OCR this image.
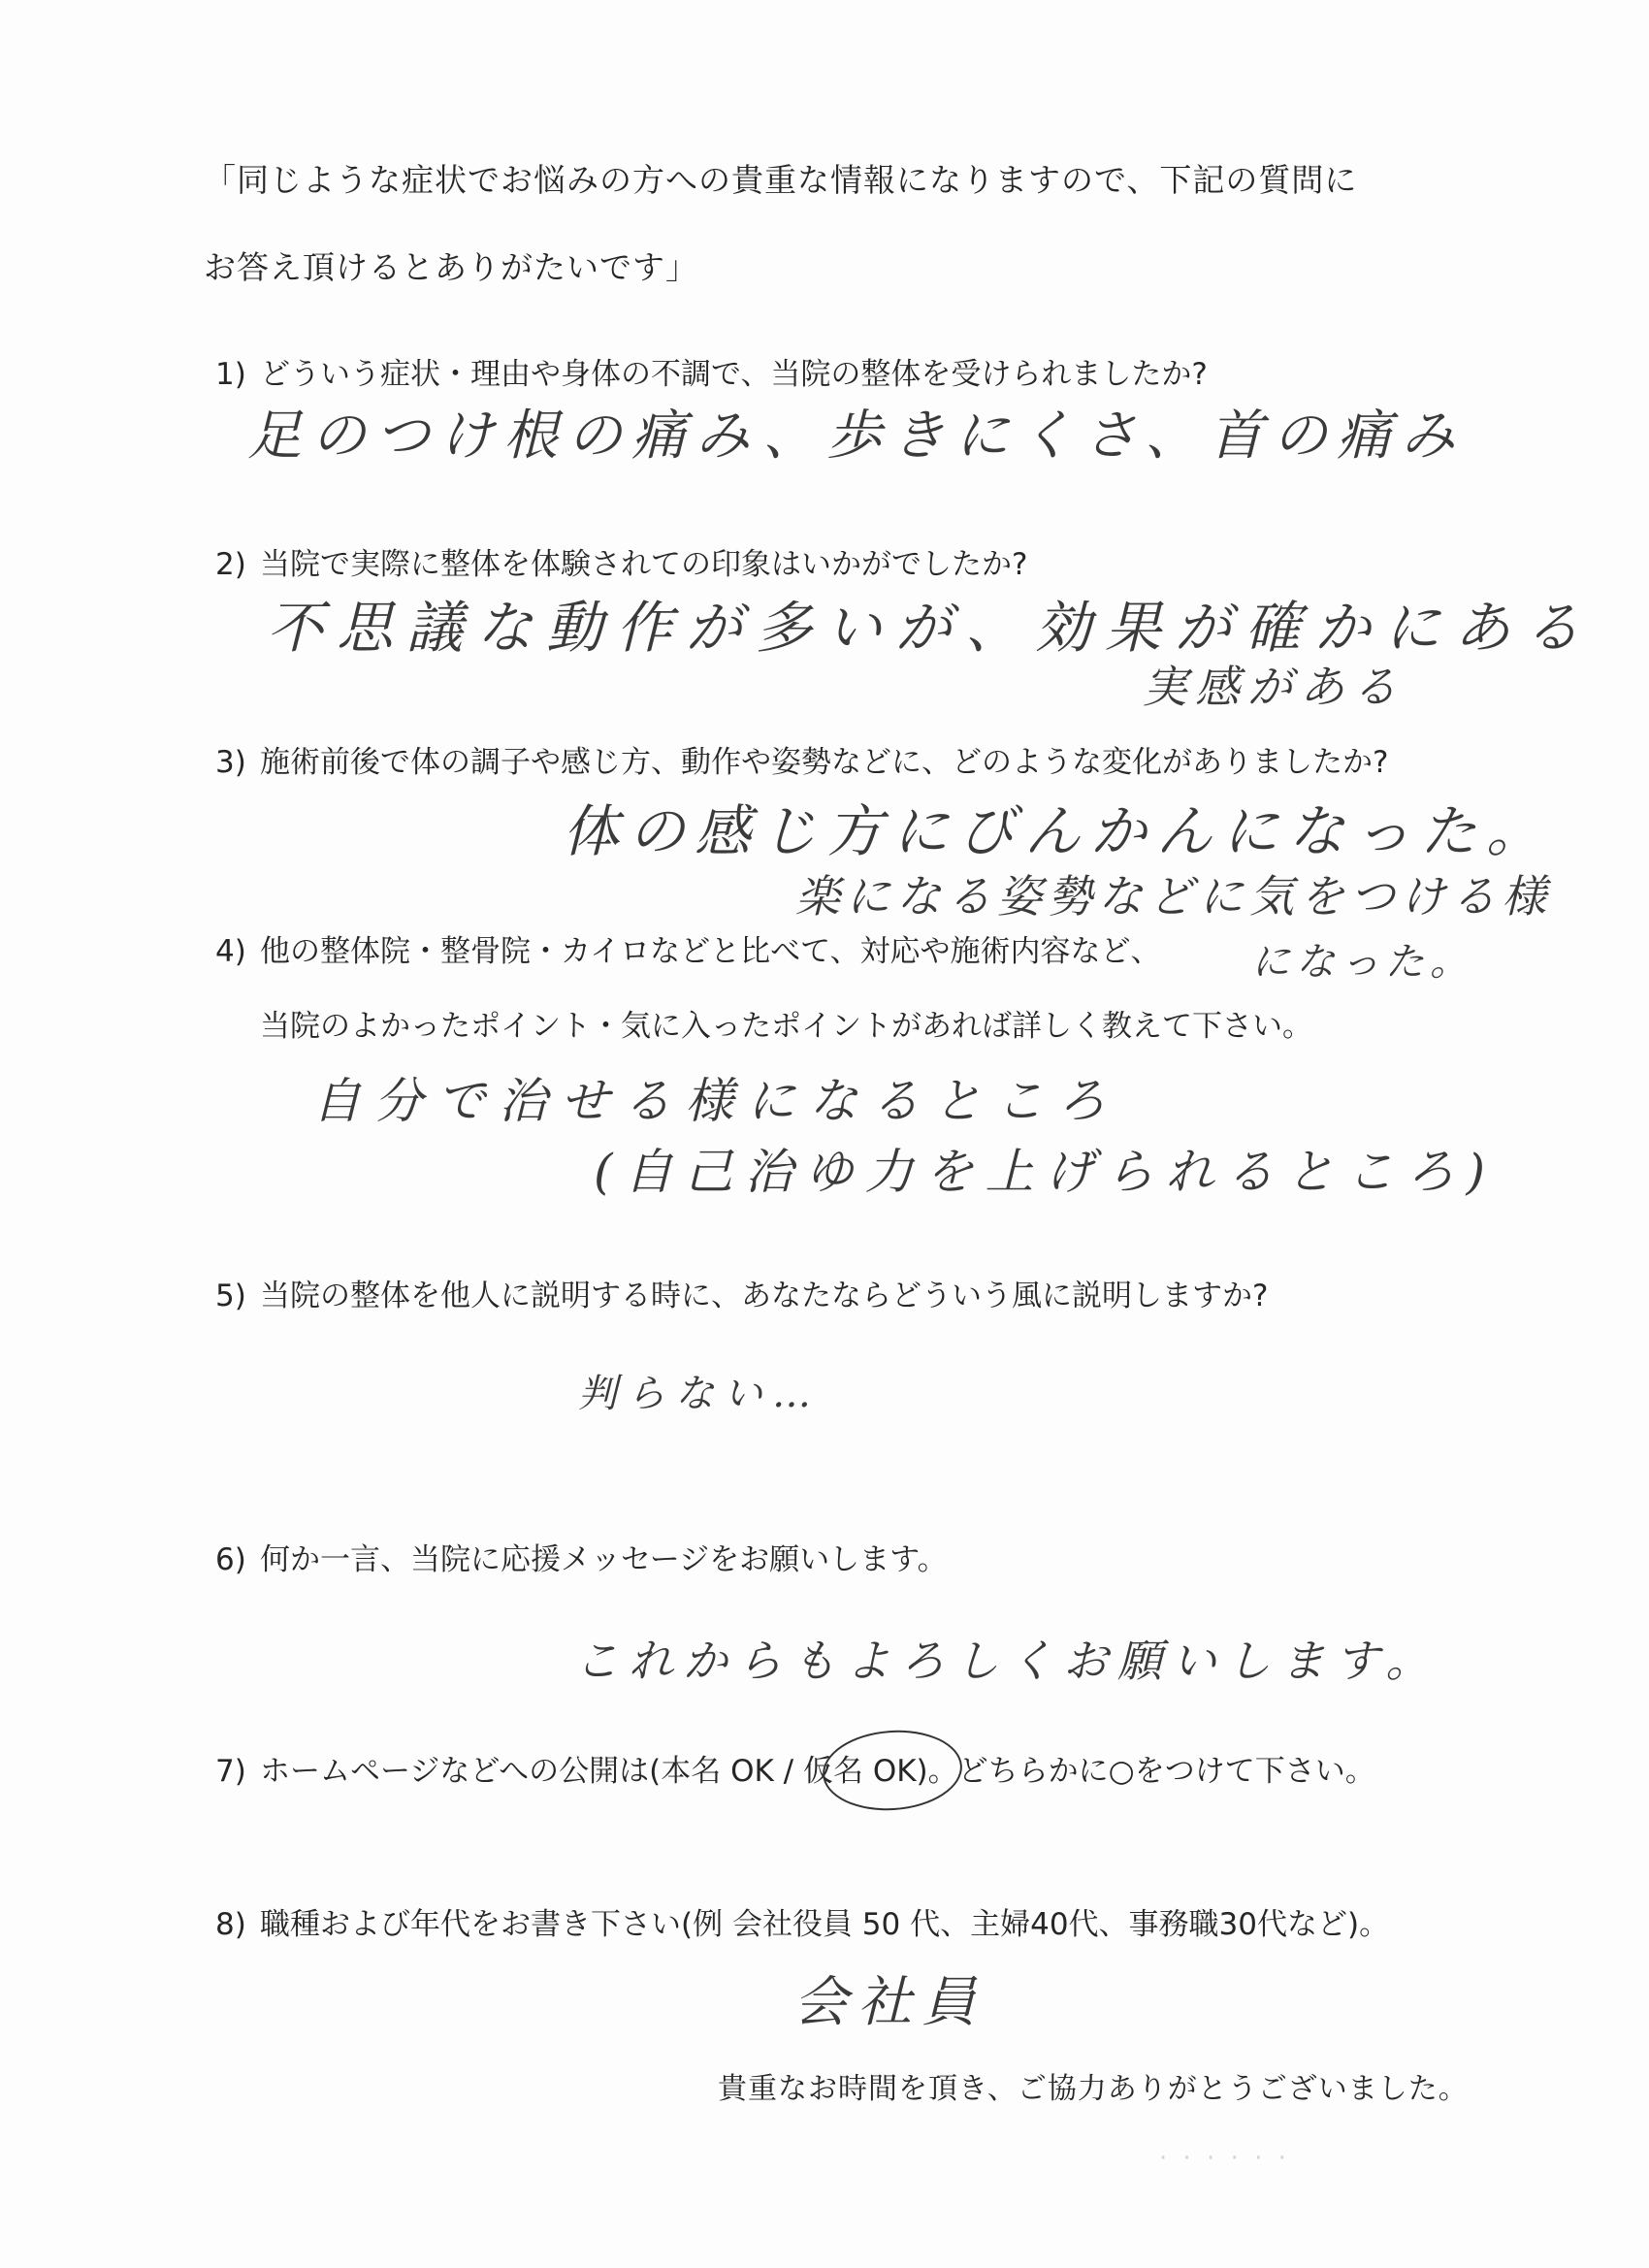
「同じような症状でお悩みの方への貴重な情報になりますので、下記の質問に
お答え頂けるとありがたいです」
1) どういう症状・理由や身体の不調で、当院の整体を受けられましたか?
足のつけ根の痛み、歩きにくさ、首の痛み
2) 当院で実際に整体を体験されての印象はいかがでしたか?
不思議な動作が多いが、効果が確かにある
実感がある
3) 施術前後で体の調子や感じ方、動作や姿勢などに、どのような変化がありましたか?
体の感じ方にびんかんになった。
楽になる姿勢などに気をつける様
になった。
4) 他の整体院・整骨院・カイロなどと比べて、対応や施術内容など、
当院のよかったポイント・気に入ったポイントがあれば詳しく教えて下さい。
自分で治せる様になるところ
(自己治ゆ力を上げられるところ)
5) 当院の整体を他人に説明する時に、あなたならどういう風に説明しますか?
判らない…
6) 何か一言、当院に応援メッセージをお願いします。
これからもよろしくお願いします。
7) ホームページなどへの公開は(本名 OK / 仮名 OK)。どちらかに○をつけて下さい。
8) 職種および年代をお書き下さい(例 会社役員 50 代、主婦40代、事務職30代など)。
会社員
貴重なお時間を頂き、ご協力ありがとうございました。
· · · · · ·
